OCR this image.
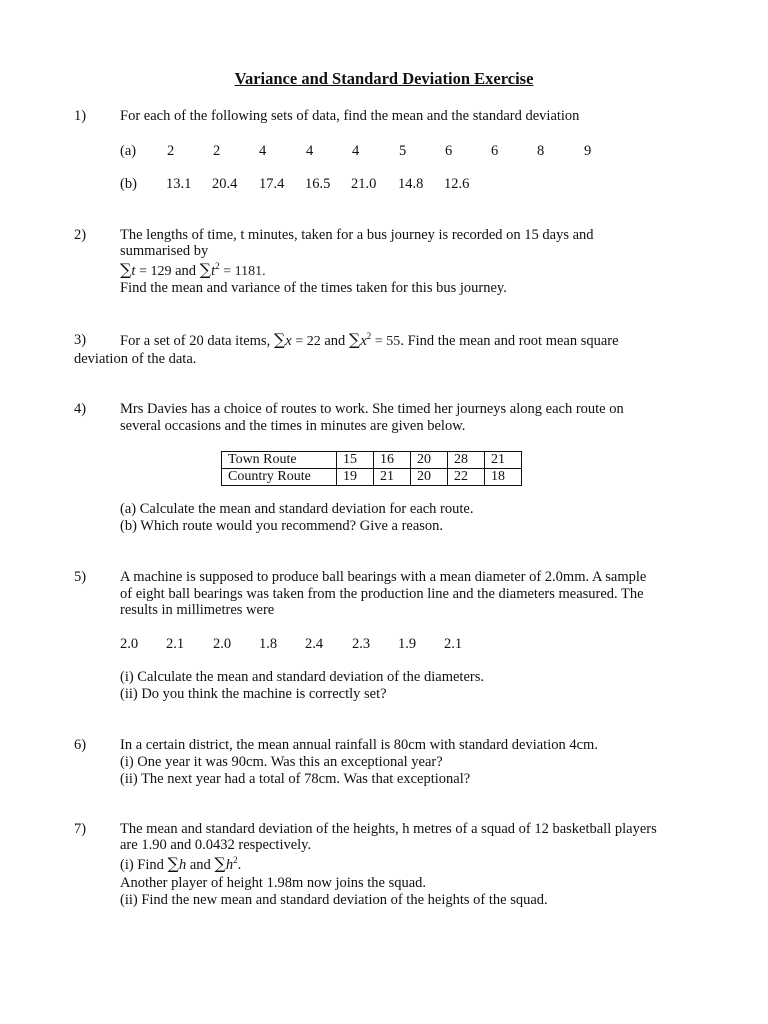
Variance and Standard Deviation Exercise
1) For each of the following sets of data, find the mean and the standard deviation
(a) 2	2	4	4	4	5	6	6	8	9
(b) 13.1 20.4 17.4 16.5 21.0 14.8 12.6
2) The lengths of time, t minutes, taken for a bus journey is recorded on 15 days and
summarised by
∑t = 129 and $\sum t^2 = 1181$.
Find the mean and variance of the times taken for this bus journey.
3) For a set of 20 data items, ∑x = 22 and $\sum x^2 = 55$. Find the mean and root mean square
deviation of the data.
4) Mrs Davies has a choice of routes to work. She timed her journeys along each route on
several occasions and the times in minutes are given below.
Town Route	15	16	20	28	21
Country Route	19	21	20	22	18
(a) Calculate the mean and standard deviation for each route.
(b) Which route would you recommend? Give a reason.
5) A machine is supposed to produce ball bearings with a mean diameter of 2.0mm. A sample
of eight ball bearings was taken from the production line and the diameters measured. The
results in millimetres were
2.0 2.1 2.0 1.8 2.4 2.3 1.9 2.1
(i) Calculate the mean and standard deviation of the diameters.
(ii) Do you think the machine is correctly set?
6) In a certain district, the mean annual rainfall is 80cm with standard deviation 4cm.
(i) One year it was 90cm. Was this an exceptional year?
(ii) The next year had a total of 78cm. Was that exceptional?
7) The mean and standard deviation of the heights, h metres of a squad of 12 basketball players
are 1.90 and 0.0432 respectively.
(i) Find ∑h and $\sum h^2$.
Another player of height 1.98m now joins the squad.
(ii) Find the new mean and standard deviation of the heights of the squad.
